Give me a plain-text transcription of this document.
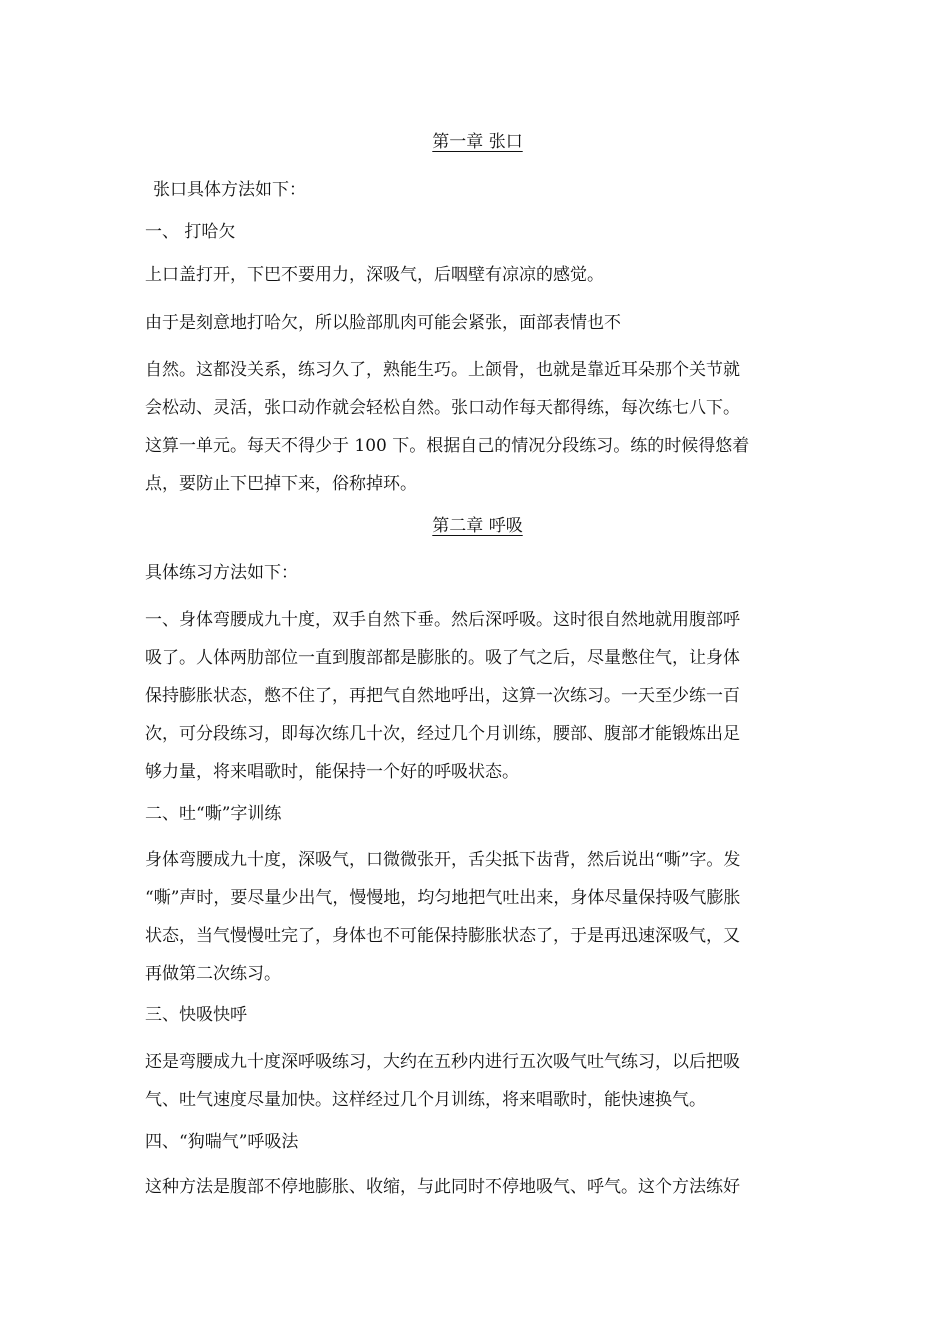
第一章 张口
张口具体方法如下：
一、 打哈欠
上口盖打开，下巴不要用力，深吸气，后咽壁有凉凉的感觉。
由于是刻意地打哈欠，所以脸部肌肉可能会紧张，面部表情也不
自然。这都没关系，练习久了，熟能生巧。上颌骨，也就是靠近耳朵那个关节就
会松动、灵活，张口动作就会轻松自然。张口动作每天都得练，每次练七八下。
这算一单元。每天不得少于 100 下。根据自己的情况分段练习。练的时候得悠着
点，要防止下巴掉下来，俗称掉环。
第二章 呼吸
具体练习方法如下：
一、身体弯腰成九十度，双手自然下垂。然后深呼吸。这时很自然地就用腹部呼
吸了。人体两肋部位一直到腹部都是膨胀的。吸了气之后，尽量憋住气，让身体
保持膨胀状态，憋不住了，再把气自然地呼出，这算一次练习。一天至少练一百
次，可分段练习，即每次练几十次，经过几个月训练，腰部、腹部才能锻炼出足
够力量，将来唱歌时，能保持一个好的呼吸状态。
二、吐“嘶”字训练
身体弯腰成九十度，深吸气，口微微张开，舌尖抵下齿背，然后说出“嘶”字。发
“嘶”声时，要尽量少出气，慢慢地，均匀地把气吐出来，身体尽量保持吸气膨胀
状态，当气慢慢吐完了，身体也不可能保持膨胀状态了，于是再迅速深吸气，又
再做第二次练习。
三、快吸快呼
还是弯腰成九十度深呼吸练习，大约在五秒内进行五次吸气吐气练习，以后把吸
气、吐气速度尽量加快。这样经过几个月训练，将来唱歌时，能快速换气。
四、“狗喘气”呼吸法
这种方法是腹部不停地膨胀、收缩，与此同时不停地吸气、呼气。这个方法练好
